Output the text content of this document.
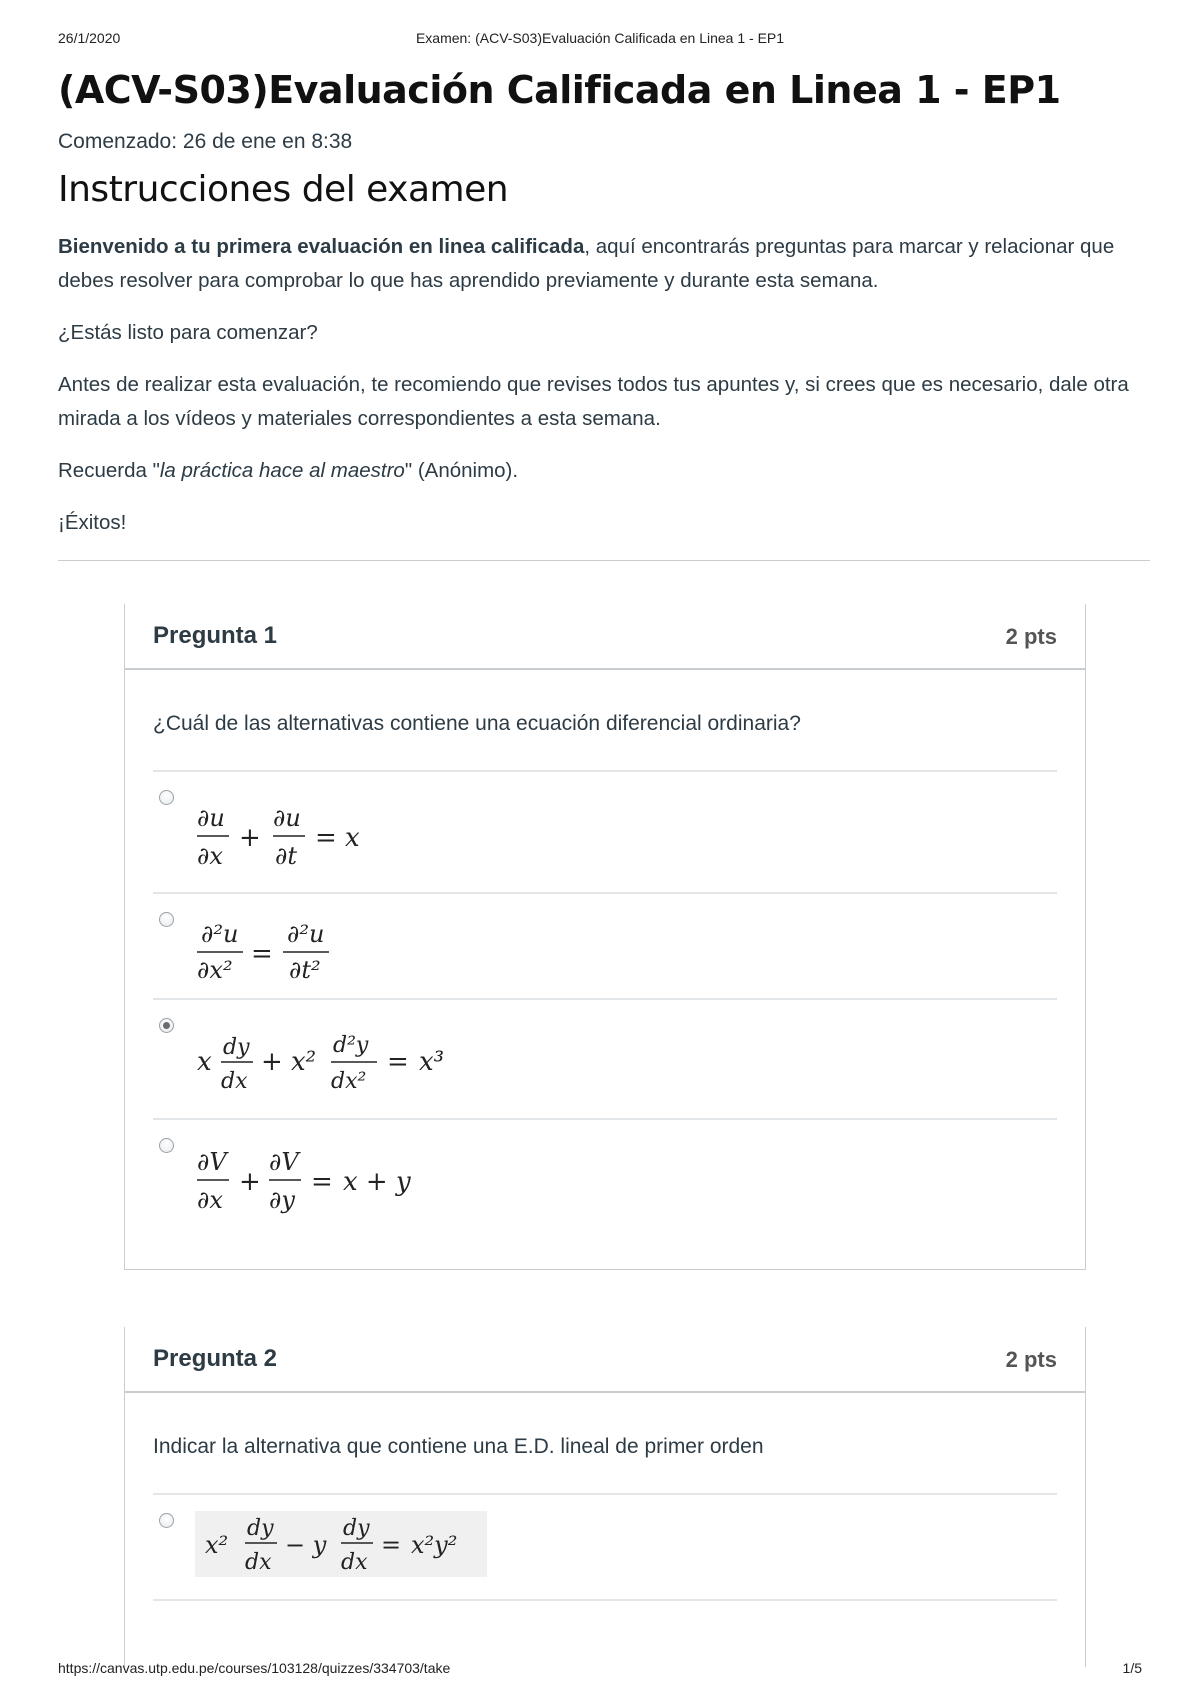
26/1/2020	Examen: (ACV-S03)Evaluación Calificada en Linea 1 - EP1
(ACV-S03)Evaluación Calificada en Linea 1 - EP1
Comenzado: 26 de ene en 8:38
Instrucciones del examen

Bienvenido a tu primera evaluación en linea calificada, aquí encontrarás preguntas para marcar y relacionar que debes resolver para comprobar lo que has aprendido previamente y durante esta semana.

¿Estás listo para comenzar?

Antes de realizar esta evaluación, te recomiendo que revises todos tus apuntes y, si crees que es necesario, dale otra mirada a los vídeos y materiales correspondientes a esta semana.

Recuerda "la práctica hace al maestro" (Anónimo).

¡Éxitos!

Pregunta 1	2 pts
¿Cuál de las alternativas contiene una ecuación diferencial ordinaria?
∂u
∂x
+
∂u
∂t
= x
∂²u
∂x²
=
∂²u
∂t²
x dy
dx
+ x²
d²y
dx²
= x³
∂V
∂x
+
∂V
∂y
= x + y
Pregunta 2	2 pts
Indicar la alternativa que contiene una E.D. lineal de primer orden
x²
dy
dx
− y
dy
dx
= x²y²
https://canvas.utp.edu.pe/courses/103128/quizzes/334703/take	1/5
